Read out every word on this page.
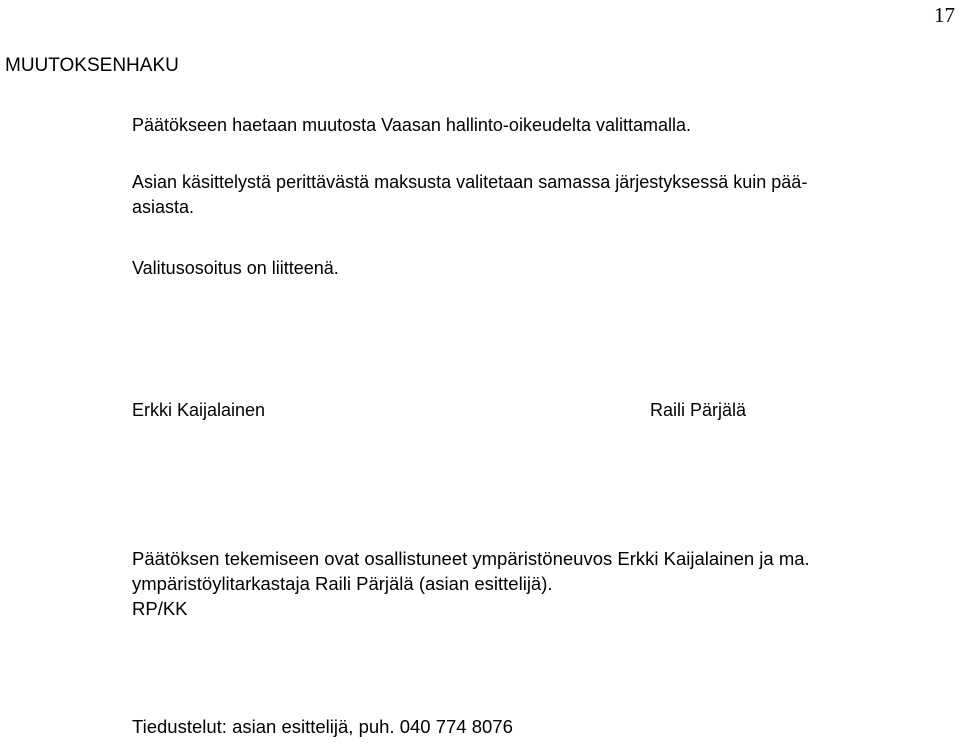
17
MUUTOKSENHAKU
Päätökseen haetaan muutosta Vaasan hallinto-oikeudelta valittamalla.
Asian käsittelystä perittävästä maksusta valitetaan samassa järjestyksessä kuin pää-
asiasta.
Valitusosoitus on liitteenä.
Erkki Kaijalainen	Raili Pärjälä
Päätöksen tekemiseen ovat osallistuneet ympäristöneuvos Erkki Kaijalainen ja ma.
ympäristöylitarkastaja Raili Pärjälä (asian esittelijä).
RP/KK
Tiedustelut: asian esittelijä, puh. 040 774 8076
